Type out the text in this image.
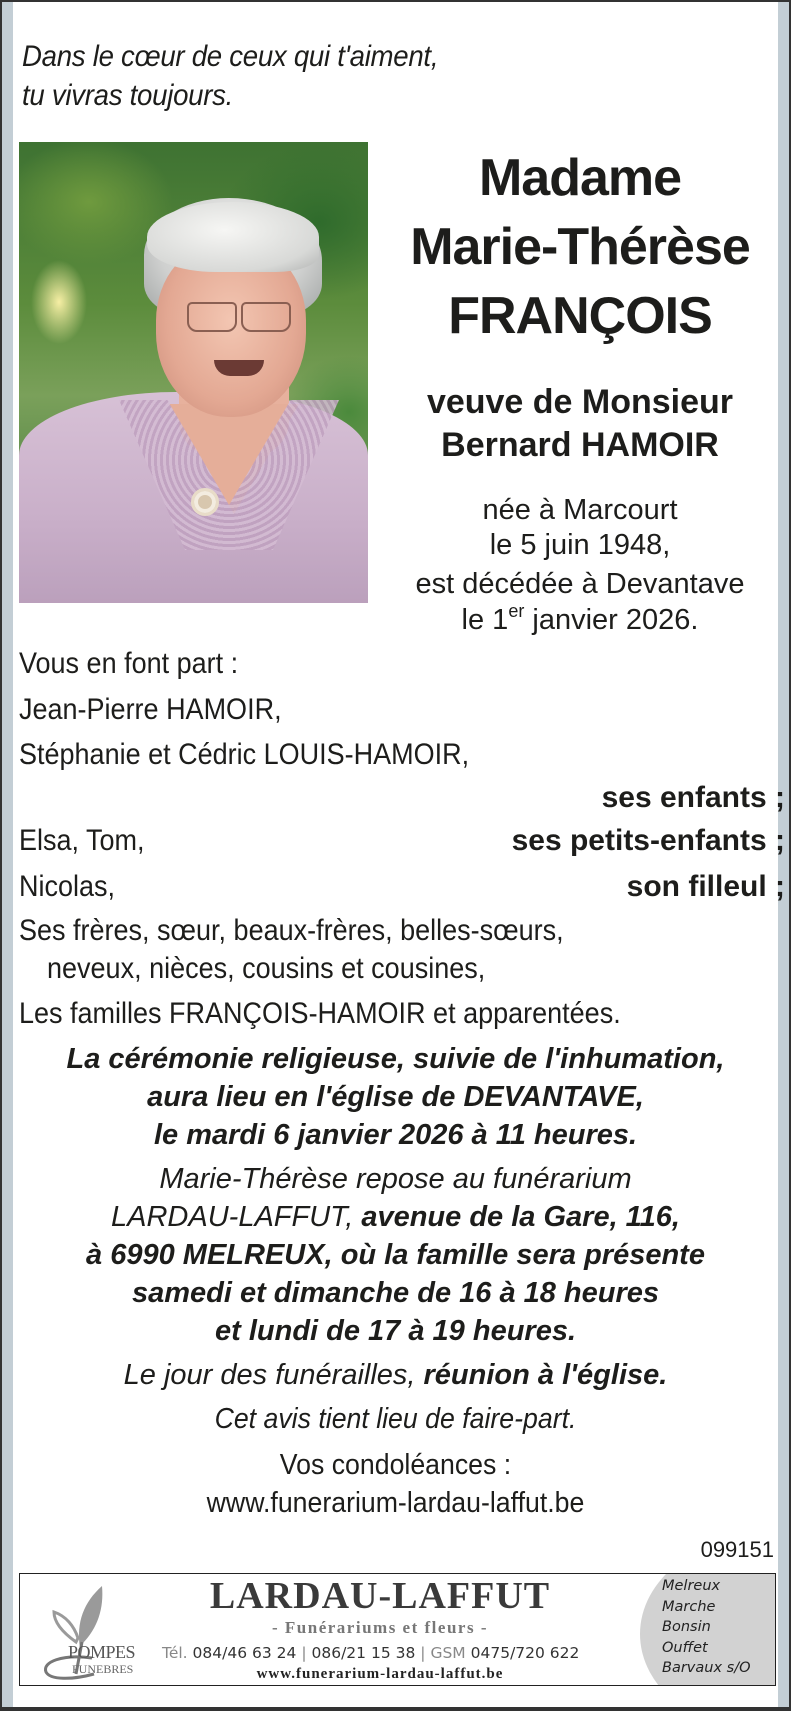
Dans le cœur de ceux qui t'aiment,
tu vivras toujours.
Madame
Marie-Thérèse
FRANÇOIS
veuve de Monsieur
Bernard HAMOIR
née à Marcourt
le 5 juin 1948,
est décédée à Devantave
le 1er janvier 2026.
Vous en font part :
Jean-Pierre HAMOIR,
Stéphanie et Cédric LOUIS-HAMOIR,
ses enfants ;
Elsa, Tom,	ses petits-enfants ;
Nicolas,	son filleul ;
Ses frères, sœur, beaux-frères, belles-sœurs,
neveux, nièces, cousins et cousines,
Les familles FRANÇOIS-HAMOIR et apparentées.
La cérémonie religieuse, suivie de l'inhumation,
aura lieu en l'église de DEVANTAVE,
le mardi 6 janvier 2026 à 11 heures.
Marie-Thérèse repose au funérarium
LARDAU-LAFFUT, avenue de la Gare, 116,
à 6990 MELREUX, où la famille sera présente
samedi et dimanche de 16 à 18 heures
et lundi de 17 à 19 heures.
Le jour des funérailles, réunion à l'église.
Cet avis tient lieu de faire-part.
Vos condoléances :
www.funerarium-lardau-laffut.be
099151
POMPES
FUNEBRES
LARDAU-LAFFUT
- Funérariums et fleurs -
Tél. 084/46 63 24 | 086/21 15 38 | GSM 0475/720 622
www.funerarium-lardau-laffut.be
Melreux
Marche
Bonsin
Ouffet
Barvaux s/O
